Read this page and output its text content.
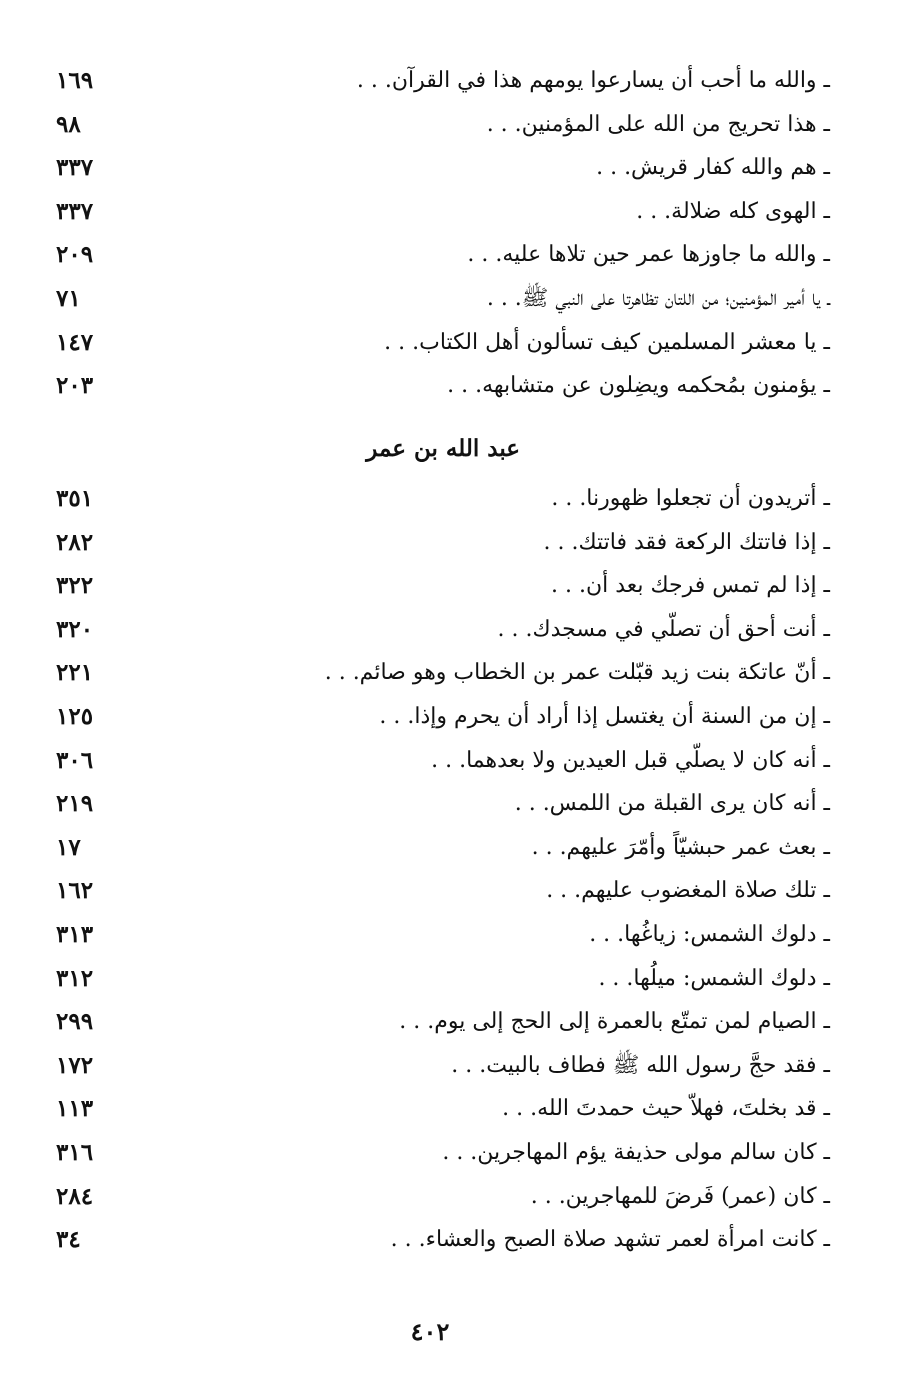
ـ والله ما أحب أن يسارعوا يومهم هذا في القرآن. . .
١٦٩
ـ هذا تحريج من الله على المؤمنين. . .
٩٨
ـ هم والله كفار قريش. . .
٣٣٧
ـ الهوى كله ضلالة. . .
٣٣٧
ـ والله ما جاوزها عمر حين تلاها عليه. . .
٢٠٩
ـ يا أمير المؤمنين؛ من اللتان تظاهرتا على النبي ﷺ. . .
٧١
ـ يا معشر المسلمين كيف تسألون أهل الكتاب. . .
١٤٧
ـ يؤمنون بمُحكمه ويضِلون عن متشابهه. . .
٢٠٣
عبد الله بن عمر
ـ أتريدون أن تجعلوا ظهورنا. . .
٣٥١
ـ إذا فاتتك الركعة فقد فاتتك. . .
٢٨٢
ـ إذا لم تمس فرجك بعد أن. . .
٣٢٢
ـ أنت أحق أن تصلّي في مسجدك. . .
٣٢٠
ـ أنّ عاتكة بنت زيد قبّلت عمر بن الخطاب وهو صائم. . .
٢٢١
ـ إن من السنة أن يغتسل إذا أراد أن يحرم وإذا. . .
١٢٥
ـ أنه كان لا يصلّي قبل العيدين ولا بعدهما. . .
٣٠٦
ـ أنه كان يرى القبلة من اللمس. . .
٢١٩
ـ بعث عمر حبشيّاً وأمّرَ عليهم. . .
١٧
ـ تلك صلاة المغضوب عليهم. . .
١٦٢
ـ دلوك الشمس: زياغُها. . .
٣١٣
ـ دلوك الشمس: ميلُها. . .
٣١٢
ـ الصيام لمن تمتّع بالعمرة إلى الحج إلى يوم. . .
٢٩٩
ـ فقد حجَّ رسول الله ﷺ فطاف بالبيت. . .
١٧٢
ـ قد بخلتَ، فهلاّ حيث حمدتَ الله. . .
١١٣
ـ كان سالم مولى حذيفة يؤم المهاجرين. . .
٣١٦
ـ كان (عمر) فَرضَ للمهاجرين. . .
٢٨٤
ـ كانت امرأة لعمر تشهد صلاة الصبح والعشاء. . .
٣٤
٤٠٢
